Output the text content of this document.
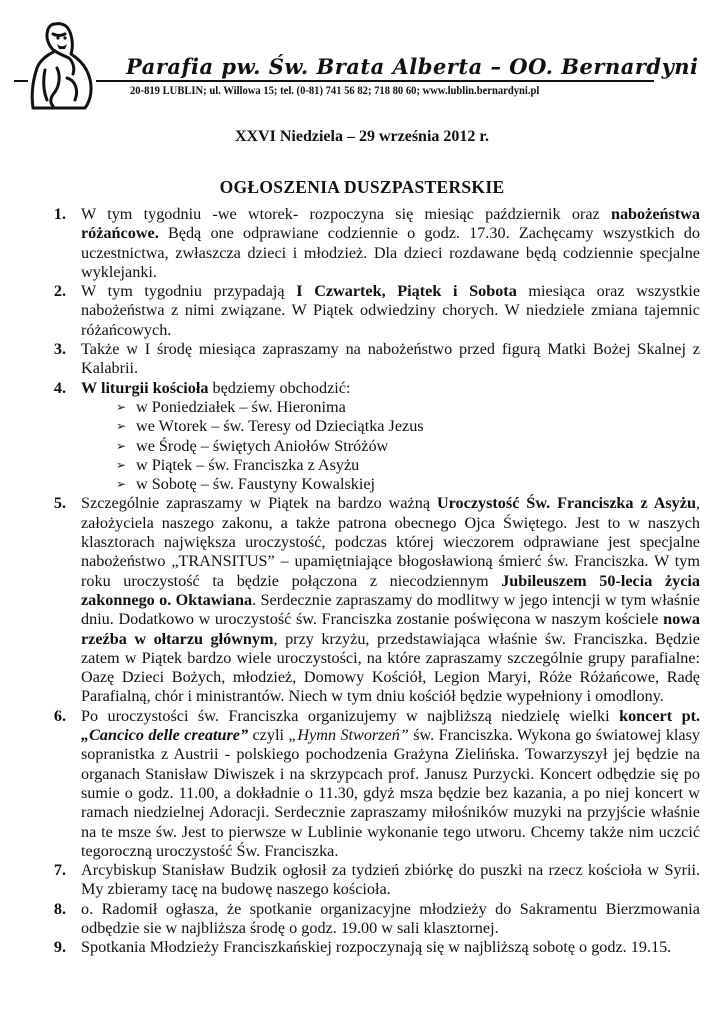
Parafia pw. Św. Brata Alberta – OO. Bernardyni
20-819 LUBLIN; ul. Willowa 15; tel. (0-81) 741 56 82; 718 80 60; www.lublin.bernardyni.pl
XXVI Niedziela – 29 września 2012 r.
OGŁOSZENIA DUSZPASTERSKIE
1. W tym tygodniu -we wtorek- rozpoczyna się miesiąc październik oraz nabożeństwa różańcowe. Będą one odprawiane codziennie o godz. 17.30. Zachęcamy wszystkich do uczestnictwa, zwłaszcza dzieci i młodzież. Dla dzieci rozdawane będą codziennie specjalne wyklejanki.
2. W tym tygodniu przypadają I Czwartek, Piątek i Sobota miesiąca oraz wszystkie nabożeństwa z nimi związane. W Piątek odwiedziny chorych. W niedziele zmiana tajemnic różańcowych.
3. Także w I środę miesiąca zapraszamy na nabożeństwo przed figurą Matki Bożej Skalnej z Kalabrii.
4. W liturgii kościoła będziemy obchodzić:
➢ w Poniedziałek – św. Hieronima
➢ we Wtorek – św. Teresy od Dzieciątka Jezus
➢ we Środę – świętych Aniołów Stróżów
➢ w Piątek – św. Franciszka z Asyżu
➢ w Sobotę – św. Faustyny Kowalskiej
5. Szczególnie zapraszamy w Piątek na bardzo ważną Uroczystość Św. Franciszka z Asyżu, założyciela naszego zakonu, a także patrona obecnego Ojca Świętego. Jest to w naszych klasztorach największa uroczystość, podczas której wieczorem odprawiane jest specjalne nabożeństwo „TRANSITUS” – upamiętniające błogosławioną śmierć św. Franciszka. W tym roku uroczystość ta będzie połączona z niecodziennym Jubileuszem 50-lecia życia zakonnego o. Oktawiana. Serdecznie zapraszamy do modlitwy w jego intencji w tym właśnie dniu. Dodatkowo w uroczystość św. Franciszka zostanie poświęcona w naszym kościele nowa rzeźba w ołtarzu głównym, przy krzyżu, przedstawiająca właśnie św. Franciszka. Będzie zatem w Piątek bardzo wiele uroczystości, na które zapraszamy szczególnie grupy parafialne: Oazę Dzieci Bożych, młodzież, Domowy Kościół, Legion Maryi, Róże Różańcowe, Radę Parafialną, chór i ministrantów. Niech w tym dniu kościół będzie wypełniony i omodlony.
6. Po uroczystości św. Franciszka organizujemy w najbliższą niedzielę wielki koncert pt. „Cancico delle creature” czyli „Hymn Stworzeń” św. Franciszka. Wykona go światowej klasy sopranistka z Austrii - polskiego pochodzenia Grażyna Zielińska. Towarzyszył jej będzie na organach Stanisław Diwiszek i na skrzypcach prof. Janusz Purzycki. Koncert odbędzie się po sumie o godz. 11.00, a dokładnie o 11.30, gdyż msza będzie bez kazania, a po niej koncert w ramach niedzielnej Adoracji. Serdecznie zapraszamy miłośników muzyki na przyjście właśnie na te msze św. Jest to pierwsze w Lublinie wykonanie tego utworu. Chcemy także nim uczcić tegoroczną uroczystość Św. Franciszka.
7. Arcybiskup Stanisław Budzik ogłosił za tydzień zbiórkę do puszki na rzecz kościoła w Syrii. My zbieramy tacę na budowę naszego kościoła.
8. o. Radomił ogłasza, że spotkanie organizacyjne młodzieży do Sakramentu Bierzmowania odbędzie sie w najbliższa środę o godz. 19.00 w sali klasztornej.
9. Spotkania Młodzieży Franciszkańskiej rozpoczynają się w najbliższą sobotę o godz. 19.15.
